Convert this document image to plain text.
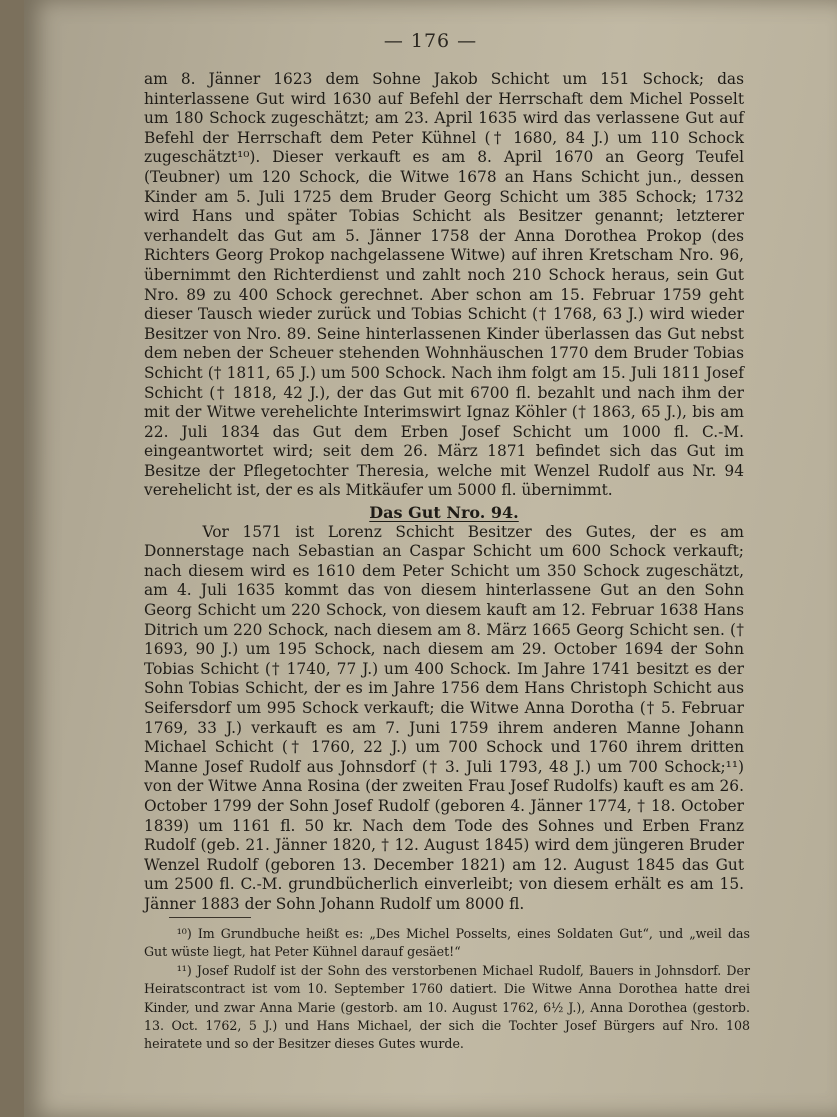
— 176 —

am 8. Jänner 1623 dem Sohne Jakob Schicht um 151 Schock; das hinterlassene Gut wird 1630 auf Befehl der Herrschaft dem Michel Posselt um 180 Schock zugeschätzt; am 23. April 1635 wird das verlassene Gut auf Befehl der Herrschaft dem Peter Kühnel († 1680, 84 J.) um 110 Schock zugeschätzt¹⁰). Dieser verkauft es am 8. April 1670 an Georg Teufel (Teubner) um 120 Schock, die Witwe 1678 an Hans Schicht jun., dessen Kinder am 5. Juli 1725 dem Bruder Georg Schicht um 385 Schock; 1732 wird Hans und später Tobias Schicht als Besitzer genannt; letzterer verhandelt das Gut am 5. Jänner 1758 der Anna Dorothea Prokop (des Richters Georg Prokop nachgelassene Witwe) auf ihren Kretscham Nro. 96, übernimmt den Richterdienst und zahlt noch 210 Schock heraus, sein Gut Nro. 89 zu 400 Schock gerechnet. Aber schon am 15. Februar 1759 geht dieser Tausch wieder zurück und Tobias Schicht († 1768, 63 J.) wird wieder Besitzer von Nro. 89. Seine hinterlassenen Kinder überlassen das Gut nebst dem neben der Scheuer stehenden Wohnhäuschen 1770 dem Bruder Tobias Schicht († 1811, 65 J.) um 500 Schock. Nach ihm folgt am 15. Juli 1811 Josef Schicht († 1818, 42 J.), der das Gut mit 6700 fl. bezahlt und nach ihm der mit der Witwe verehelichte Interimswirt Ignaz Köhler († 1863, 65 J.), bis am 22. Juli 1834 das Gut dem Erben Josef Schicht um 1000 fl. C.-M. eingeantwortet wird; seit dem 26. März 1871 befindet sich das Gut im Besitze der Pflegetochter Theresia, welche mit Wenzel Rudolf aus Nr. 94 verehelicht ist, der es als Mitkäufer um 5000 fl. übernimmt.

Das Gut Nro. 94.

Vor 1571 ist Lorenz Schicht Besitzer des Gutes, der es am Donnerstage nach Sebastian an Caspar Schicht um 600 Schock verkauft; nach diesem wird es 1610 dem Peter Schicht um 350 Schock zugeschätzt, am 4. Juli 1635 kommt das von diesem hinterlassene Gut an den Sohn Georg Schicht um 220 Schock, von diesem kauft am 12. Februar 1638 Hans Ditrich um 220 Schock, nach diesem am 8. März 1665 Georg Schicht sen. († 1693, 90 J.) um 195 Schock, nach diesem am 29. October 1694 der Sohn Tobias Schicht († 1740, 77 J.) um 400 Schock. Im Jahre 1741 besitzt es der Sohn Tobias Schicht, der es im Jahre 1756 dem Hans Christoph Schicht aus Seifersdorf um 995 Schock verkauft; die Witwe Anna Dorotha († 5. Februar 1769, 33 J.) verkauft es am 7. Juni 1759 ihrem anderen Manne Johann Michael Schicht († 1760, 22 J.) um 700 Schock und 1760 ihrem dritten Manne Josef Rudolf aus Johnsdorf († 3. Juli 1793, 48 J.) um 700 Schock;¹¹) von der Witwe Anna Rosina (der zweiten Frau Josef Rudolfs) kauft es am 26. October 1799 der Sohn Josef Rudolf (geboren 4. Jänner 1774, † 18. October 1839) um 1161 fl. 50 kr. Nach dem Tode des Sohnes und Erben Franz Rudolf (geb. 21. Jänner 1820, † 12. August 1845) wird dem jüngeren Bruder Wenzel Rudolf (geboren 13. December 1821) am 12. August 1845 das Gut um 2500 fl. C.-M. grundbücherlich einverleibt; von diesem erhält es am 15. Jänner 1883 der Sohn Johann Rudolf um 8000 fl.

¹⁰) Im Grundbuche heißt es: „Des Michel Posselts, eines Soldaten Gut“, und „weil das Gut wüste liegt, hat Peter Kühnel darauf gesäet!“

¹¹) Josef Rudolf ist der Sohn des verstorbenen Michael Rudolf, Bauers in Johnsdorf. Der Heiratscontract ist vom 10. September 1760 datiert. Die Witwe Anna Dorothea hatte drei Kinder, und zwar Anna Marie (gestorb. am 10. August 1762, 6½ J.), Anna Dorothea (gestorb. 13. Oct. 1762, 5 J.) und Hans Michael, der sich die Tochter Josef Bürgers auf Nro. 108 heiratete und so der Besitzer dieses Gutes wurde.
